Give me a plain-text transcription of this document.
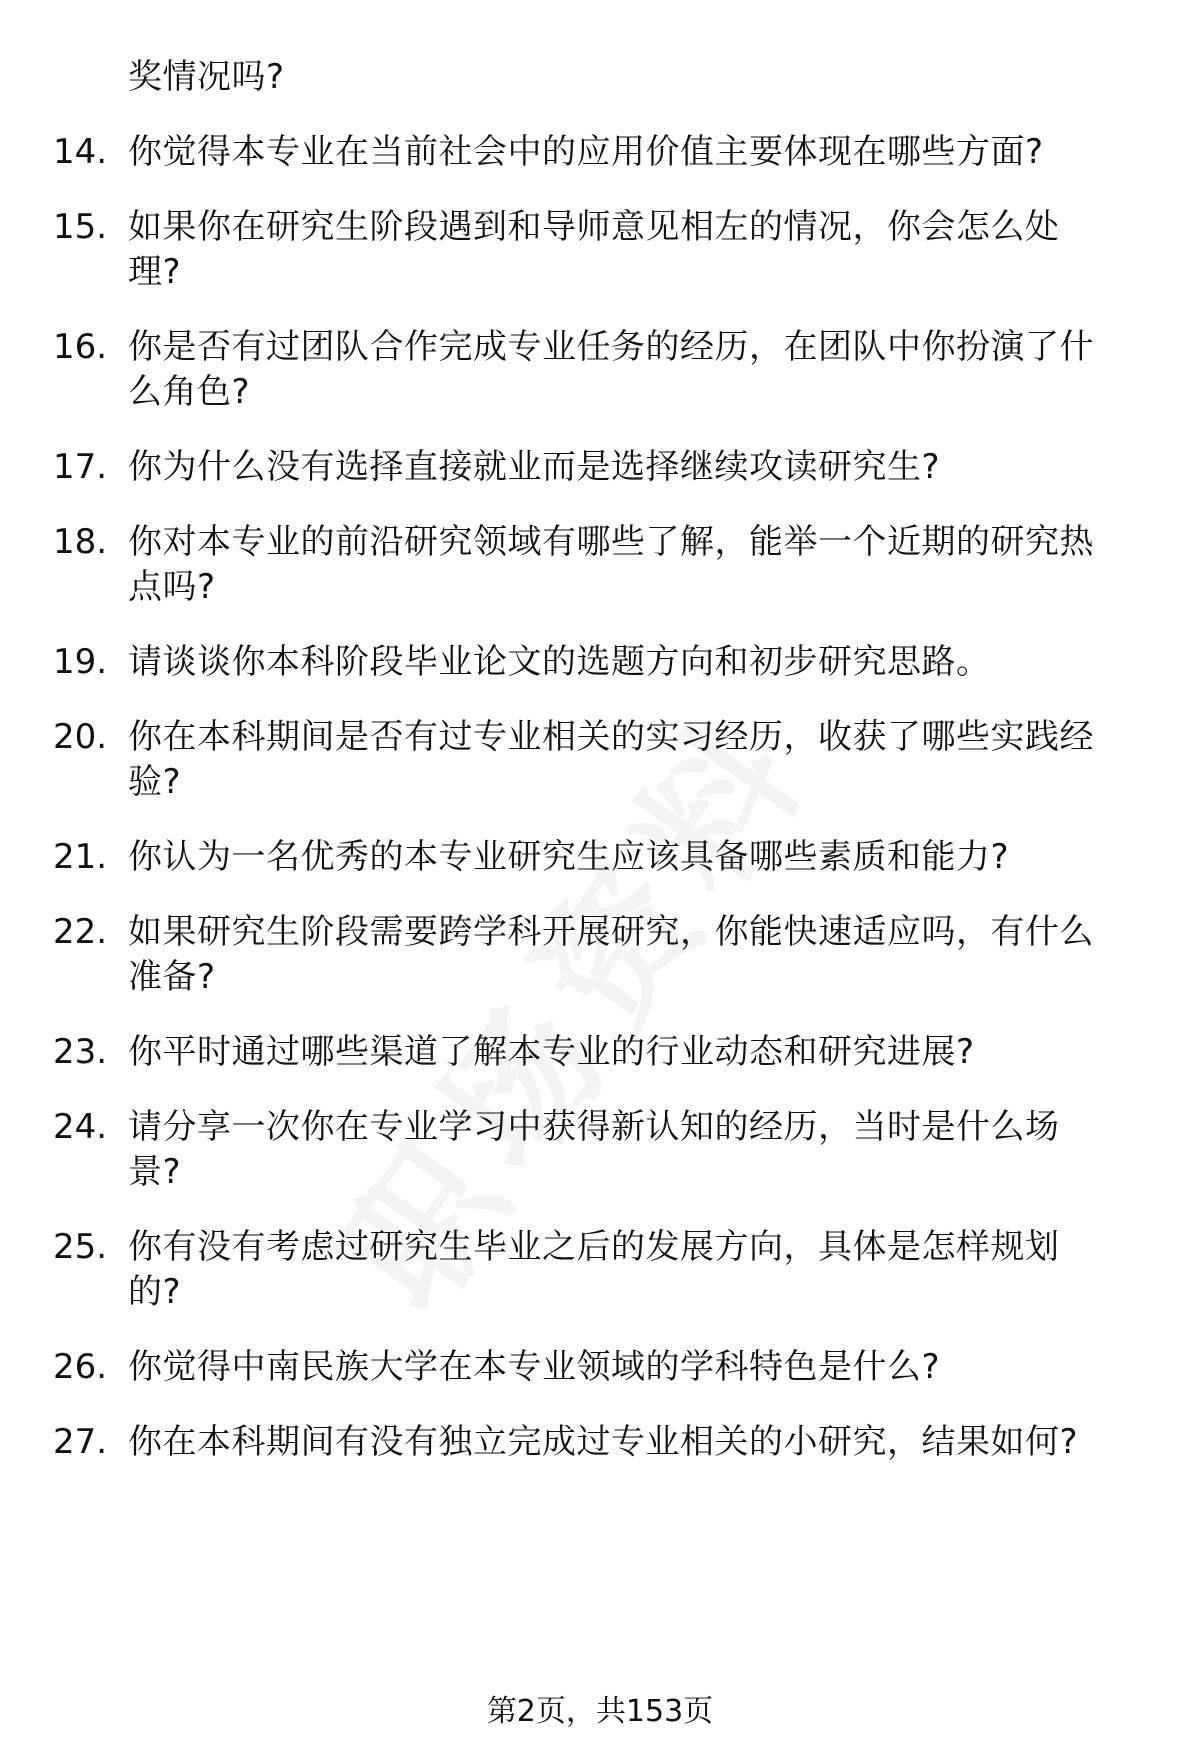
奖情况吗?
14. 你觉得本专业在当前社会中的应用价值主要体现在哪些方面?
15. 如果你在研究生阶段遇到和导师意见相左的情况，你会怎么处
理?
16. 你是否有过团队合作完成专业任务的经历，在团队中你扮演了什
么角色?
17. 你为什么没有选择直接就业而是选择继续攻读研究生?
18. 你对本专业的前沿研究领域有哪些了解，能举一个近期的研究热
点吗?
19. 请谈谈你本科阶段毕业论文的选题方向和初步研究思路。
20. 你在本科期间是否有过专业相关的实习经历，收获了哪些实践经
验?
21. 你认为一名优秀的本专业研究生应该具备哪些素质和能力?
22. 如果研究生阶段需要跨学科开展研究，你能快速适应吗，有什么
准备?
23. 你平时通过哪些渠道了解本专业的行业动态和研究进展?
24. 请分享一次你在专业学习中获得新认知的经历，当时是什么场
景?
25. 你有没有考虑过研究生毕业之后的发展方向，具体是怎样规划
的?
26. 你觉得中南民族大学在本专业领域的学科特色是什么?
27. 你在本科期间有没有独立完成过专业相关的小研究，结果如何?
第2页，共153页
